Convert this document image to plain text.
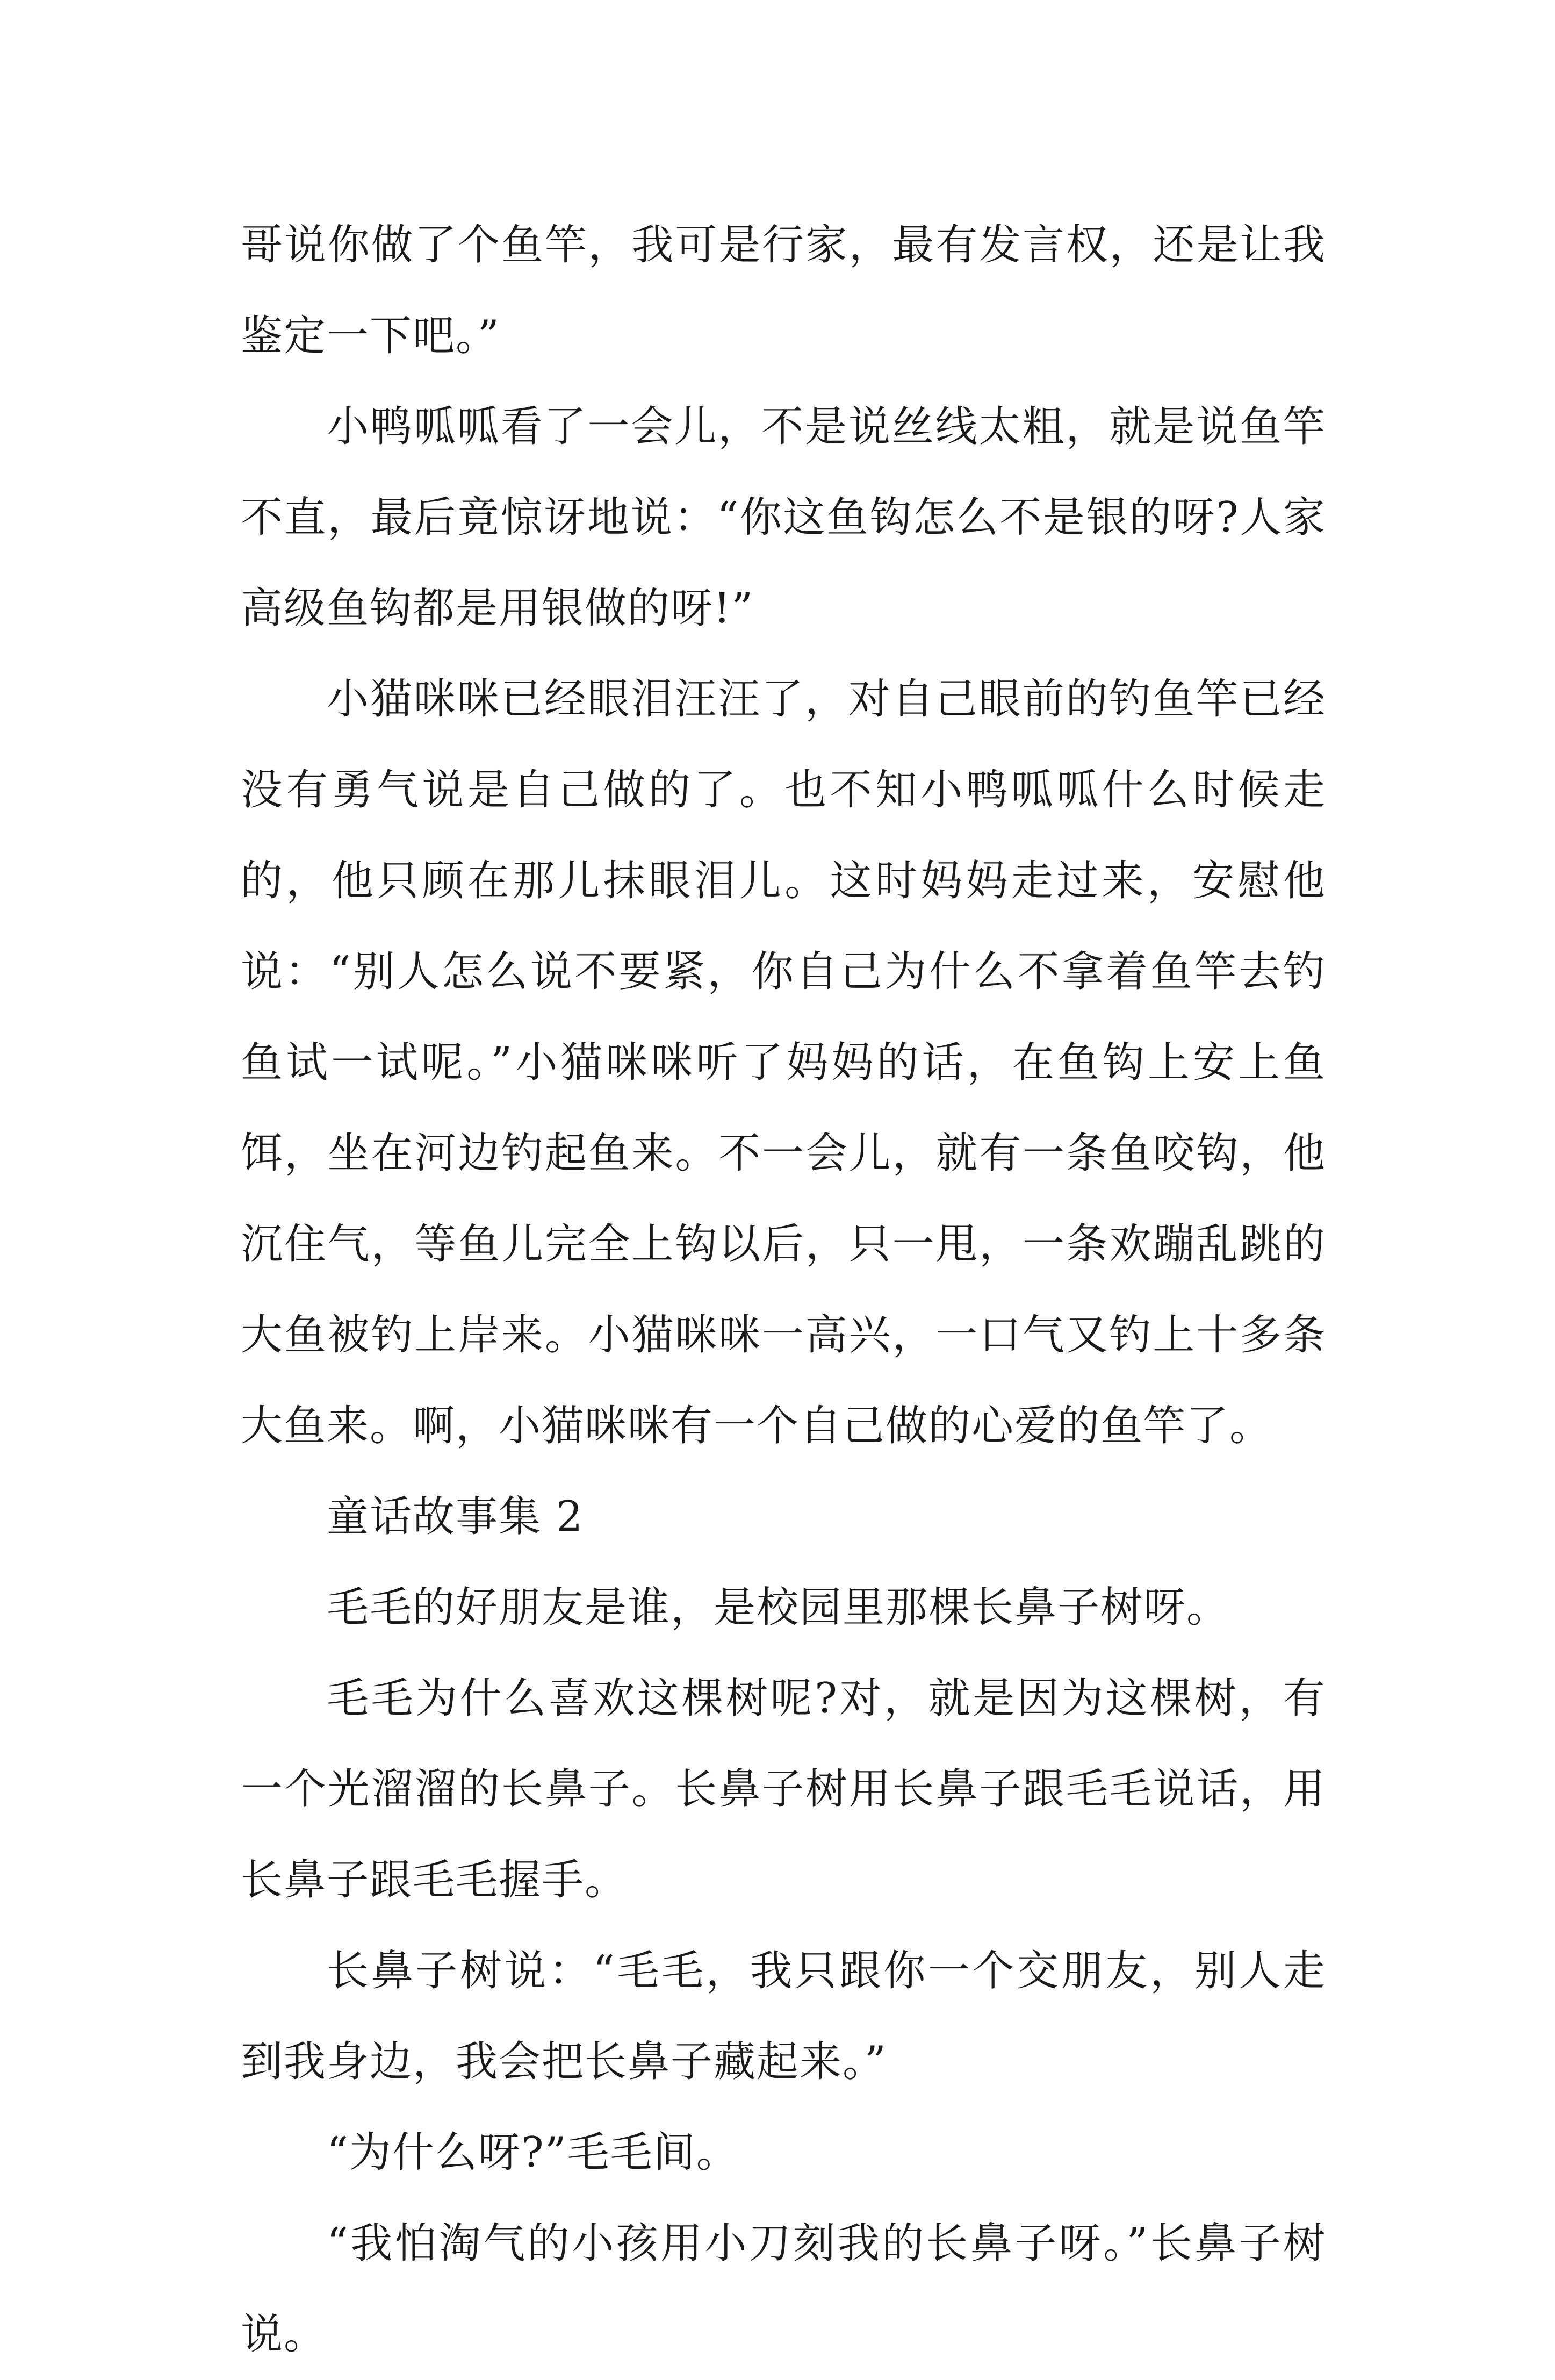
哥说你做了个鱼竿，我可是行家，最有发言权，还是让我鉴定一下吧。”

小鸭呱呱看了一会儿，不是说丝线太粗，就是说鱼竿不直，最后竟惊讶地说：“你这鱼钩怎么不是银的呀?人家高级鱼钩都是用银做的呀!”

小猫咪咪已经眼泪汪汪了，对自己眼前的钓鱼竿已经没有勇气说是自己做的了。也不知小鸭呱呱什么时候走的，他只顾在那儿抹眼泪儿。这时妈妈走过来，安慰他说：“别人怎么说不要紧，你自己为什么不拿着鱼竿去钓鱼试一试呢。”小猫咪咪听了妈妈的话，在鱼钩上安上鱼饵，坐在河边钓起鱼来。不一会儿，就有一条鱼咬钩，他沉住气，等鱼儿完全上钩以后，只一甩，一条欢蹦乱跳的大鱼被钓上岸来。小猫咪咪一高兴，一口气又钓上十多条大鱼来。啊，小猫咪咪有一个自己做的心爱的鱼竿了。

童话故事集 2

毛毛的好朋友是谁，是校园里那棵长鼻子树呀。

毛毛为什么喜欢这棵树呢?对，就是因为这棵树，有一个光溜溜的长鼻子。长鼻子树用长鼻子跟毛毛说话，用长鼻子跟毛毛握手。

长鼻子树说：“毛毛，我只跟你一个交朋友，别人走到我身边，我会把长鼻子藏起来。”

“为什么呀?”毛毛间。

“我怕淘气的小孩用小刀刻我的长鼻子呀。”长鼻子树说。
